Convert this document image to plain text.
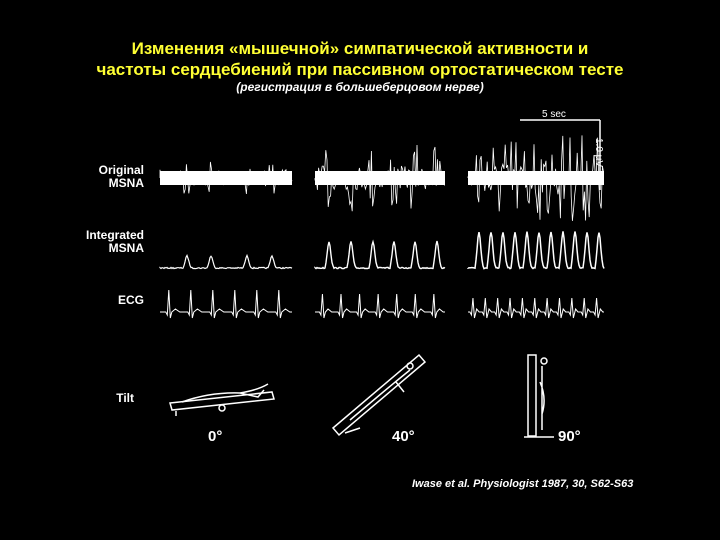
Изменения «мышечной» симпатической активности и
частоты сердцебиений при пассивном ортостатическом тесте
(регистрация в большеберцовом нерве)
Original
MSNA
Integrated
MSNA
ECG
Tilt
0°	40°	90°
5 sec
1.0 μV
Iwase et al. Physiologist 1987, 30, S62-S63
